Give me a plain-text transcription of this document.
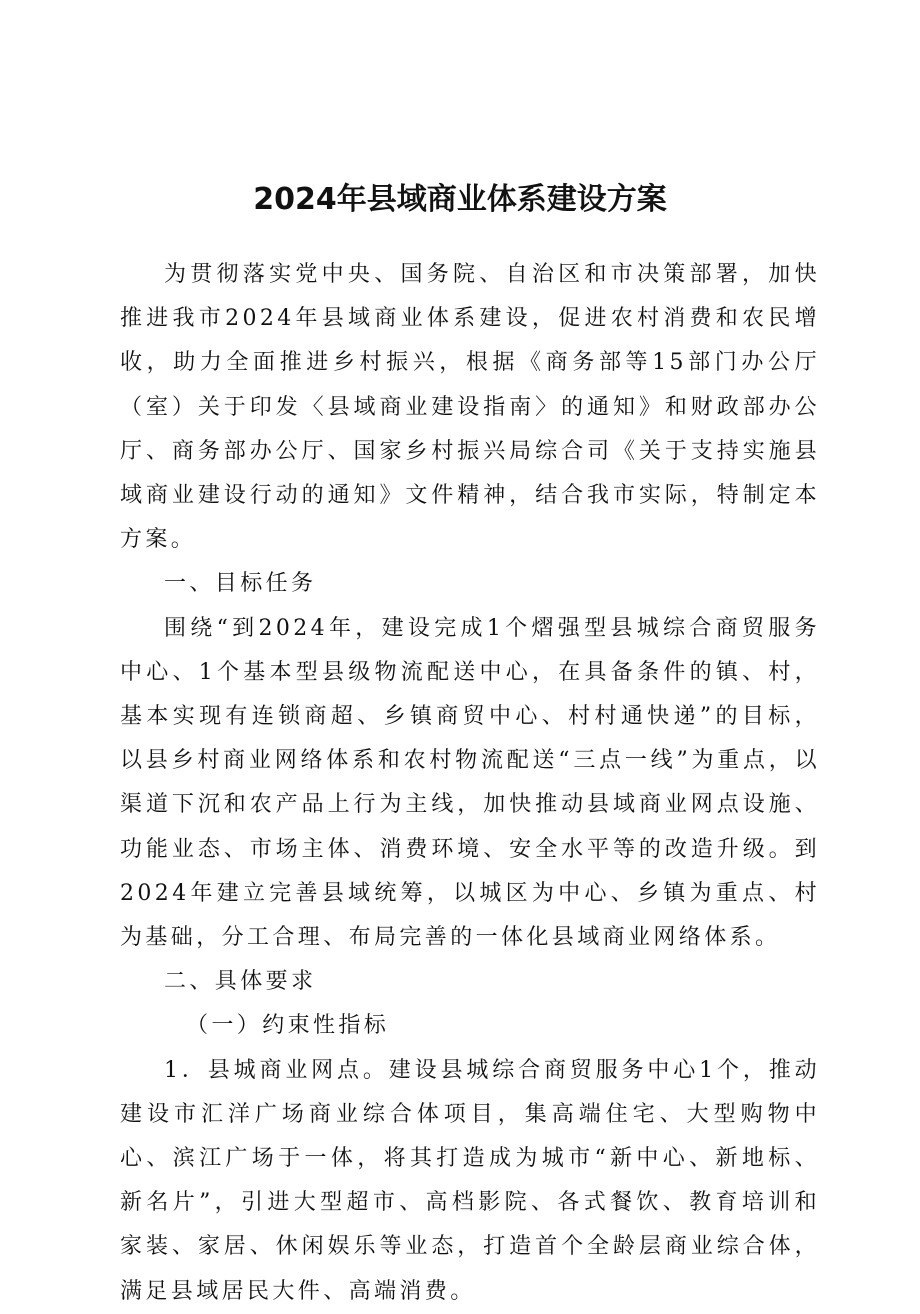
2024年县域商业体系建设方案

为贯彻落实党中央、国务院、自治区和市决策部署，加快推进我市2024年县域商业体系建设，促进农村消费和农民增收，助力全面推进乡村振兴，根据《商务部等15部门办公厅（室）关于印发〈县域商业建设指南〉的通知》和财政部办公厅、商务部办公厅、国家乡村振兴局综合司《关于支持实施县域商业建设行动的通知》文件精神，结合我市实际，特制定本方案。

一、目标任务

围绕“到2024年，建设完成1个熠强型县城综合商贸服务中心、1个基本型县级物流配送中心，在具备条件的镇、村，基本实现有连锁商超、乡镇商贸中心、村村通快递”的目标，以县乡村商业网络体系和农村物流配送“三点一线”为重点，以渠道下沉和农产品上行为主线，加快推动县域商业网点设施、功能业态、市场主体、消费环境、安全水平等的改造升级。到2024年建立完善县域统筹，以城区为中心、乡镇为重点、村为基础，分工合理、布局完善的一体化县域商业网络体系。

二、具体要求

（一）约束性指标

1．县城商业网点。建设县城综合商贸服务中心1个，推动建设市汇洋广场商业综合体项目，集高端住宅、大型购物中心、滨江广场于一体，将其打造成为城市“新中心、新地标、新名片”，引进大型超市、高档影院、各式餐饮、教育培训和家装、家居、休闲娱乐等业态，打造首个全龄层商业综合体，满足县域居民大件、高端消费。
